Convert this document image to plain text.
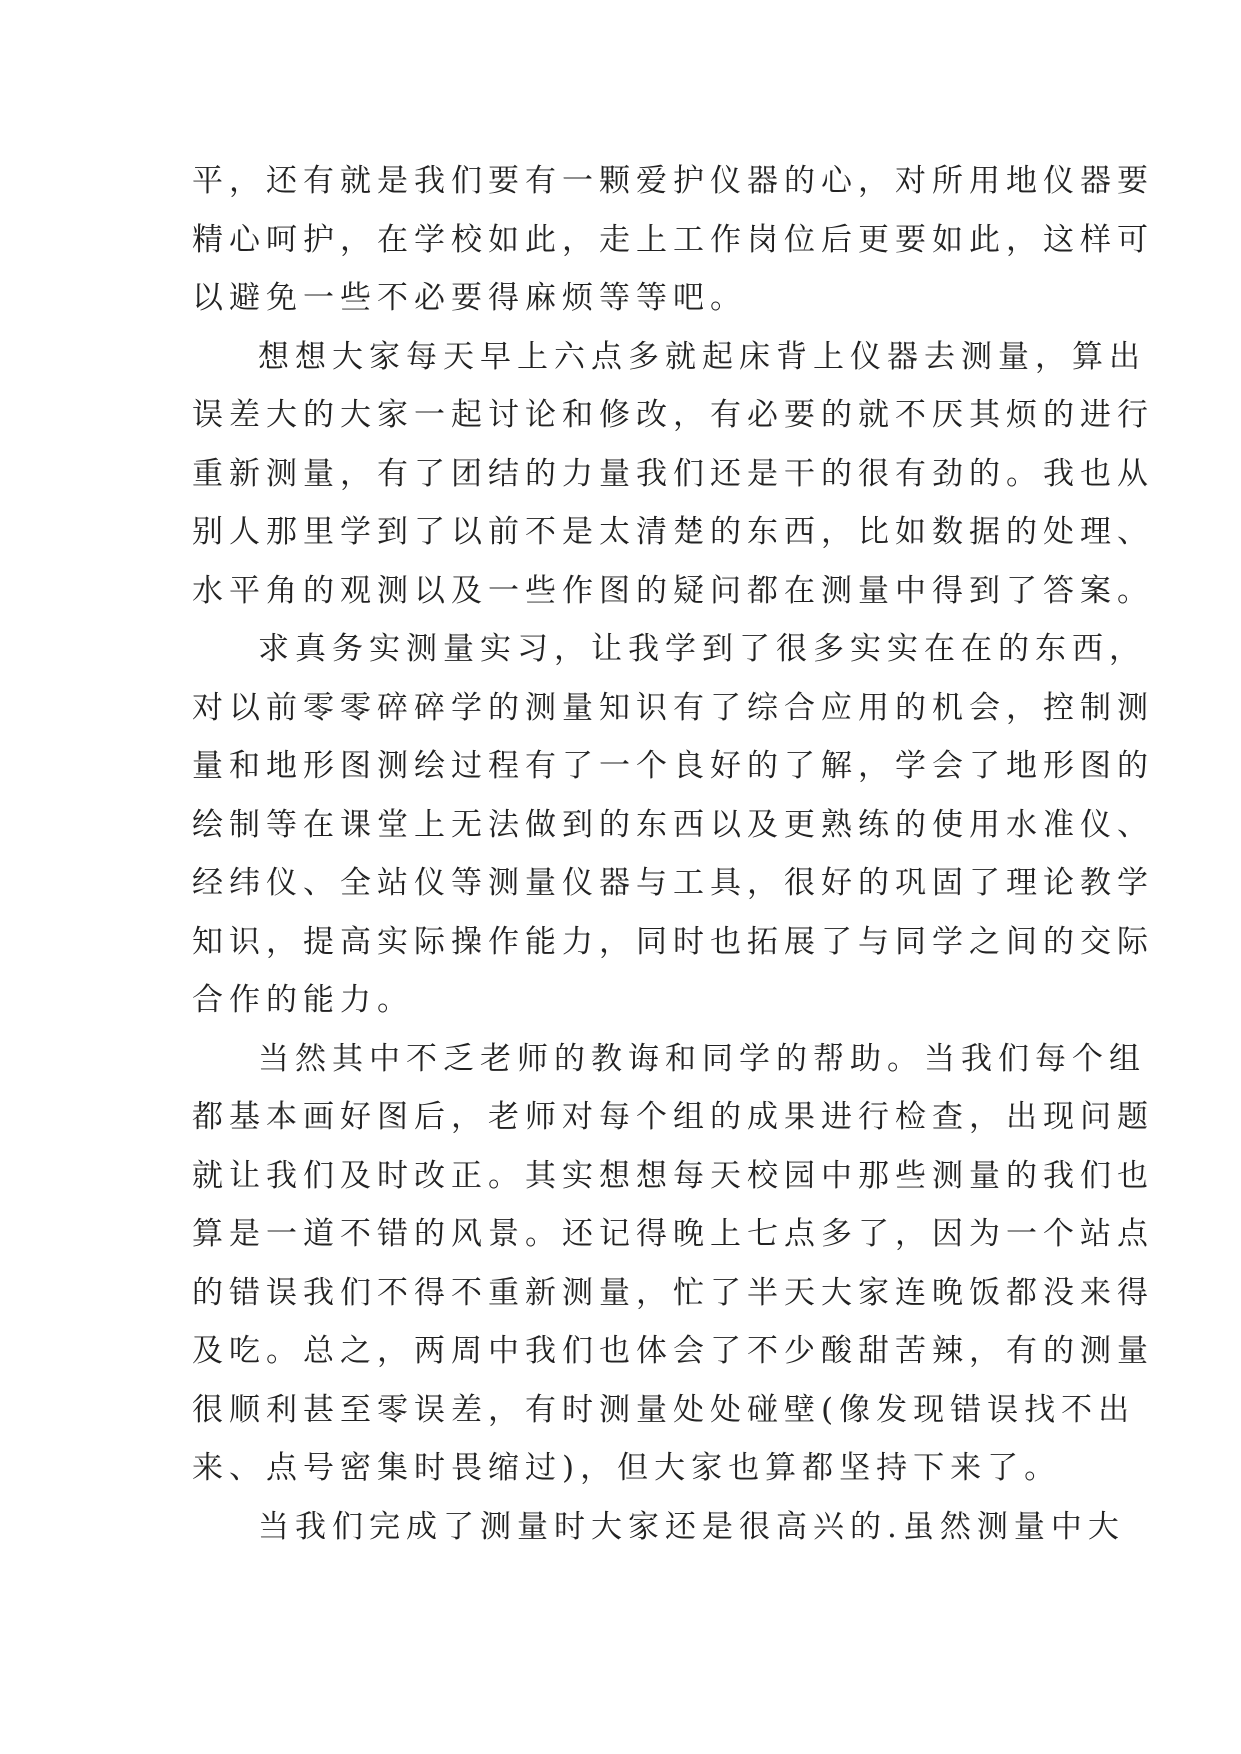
平，还有就是我们要有一颗爱护仪器的心，对所用地仪器要
精心呵护，在学校如此，走上工作岗位后更要如此，这样可
以避免一些不必要得麻烦等等吧。
想想大家每天早上六点多就起床背上仪器去测量，算出
误差大的大家一起讨论和修改，有必要的就不厌其烦的进行
重新测量，有了团结的力量我们还是干的很有劲的。我也从
别人那里学到了以前不是太清楚的东西，比如数据的处理、
水平角的观测以及一些作图的疑问都在测量中得到了答案。
求真务实测量实习，让我学到了很多实实在在的东西，
对以前零零碎碎学的测量知识有了综合应用的机会，控制测
量和地形图测绘过程有了一个良好的了解，学会了地形图的
绘制等在课堂上无法做到的东西以及更熟练的使用水准仪、
经纬仪、全站仪等测量仪器与工具，很好的巩固了理论教学
知识，提高实际操作能力，同时也拓展了与同学之间的交际
合作的能力。
当然其中不乏老师的教诲和同学的帮助。当我们每个组
都基本画好图后，老师对每个组的成果进行检查，出现问题
就让我们及时改正。其实想想每天校园中那些测量的我们也
算是一道不错的风景。还记得晚上七点多了，因为一个站点
的错误我们不得不重新测量，忙了半天大家连晚饭都没来得
及吃。总之，两周中我们也体会了不少酸甜苦辣，有的测量
很顺利甚至零误差，有时测量处处碰壁(像发现错误找不出
来、点号密集时畏缩过)，但大家也算都坚持下来了。
当我们完成了测量时大家还是很高兴的.虽然测量中大
